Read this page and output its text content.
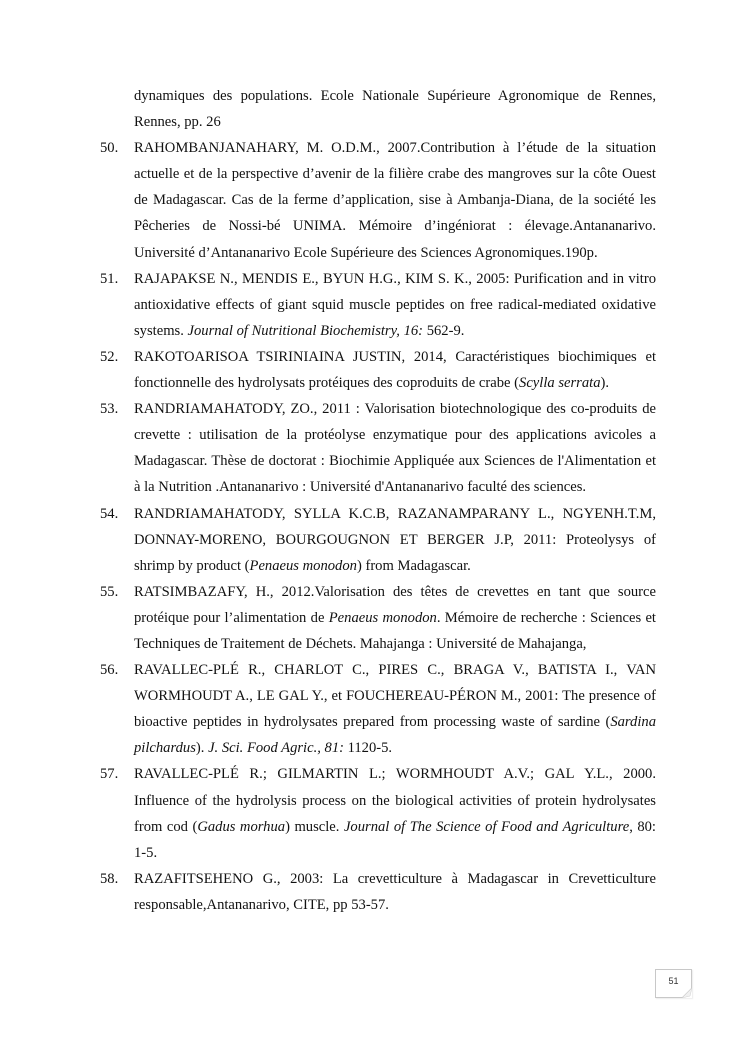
dynamiques des populations. Ecole Nationale Supérieure Agronomique de Rennes, Rennes, pp. 26
50. RAHOMBANJANAHARY, M. O.D.M., 2007.Contribution à l’étude de la situation actuelle et de la perspective d’avenir de la filière crabe des mangroves sur la côte Ouest de Madagascar. Cas de la ferme d’application, sise à Ambanja-Diana, de la société les Pêcheries de Nossi-bé UNIMA. Mémoire d’ingéniorat : élevage.Antananarivo. Université d’Antananarivo Ecole Supérieure des Sciences Agronomiques.190p.
51. RAJAPAKSE N., MENDIS E., BYUN H.G., KIM S. K., 2005: Purification and in vitro antioxidative effects of giant squid muscle peptides on free radical-mediated oxidative systems. Journal of Nutritional Biochemistry, 16: 562-9.
52. RAKOTOARISOA TSIRINIAINA JUSTIN, 2014, Caractéristiques biochimiques et fonctionnelle des hydrolysats protéiques des coproduits de crabe (Scylla serrata).
53. RANDRIAMAHATODY, ZO., 2011 : Valorisation biotechnologique des co-produits de crevette : utilisation de la protéolyse enzymatique pour des applications avicoles a Madagascar. Thèse de doctorat : Biochimie Appliquée aux Sciences de l'Alimentation et à la Nutrition .Antananarivo : Université d'Antananarivo faculté des sciences.
54. RANDRIAMAHATODY, SYLLA K.C.B, RAZANAMPARANY L., NGYENH.T.M, DONNAY-MORENO, BOURGOUGNON ET BERGER J.P, 2011: Proteolysys of shrimp by product (Penaeus monodon) from Madagascar.
55. RATSIMBAZAFY, H., 2012.Valorisation des têtes de crevettes en tant que source protéique pour l’alimentation de Penaeus monodon. Mémoire de recherche : Sciences et Techniques de Traitement de Déchets. Mahajanga : Université de Mahajanga,
56. RAVALLEC-PLÉ R., CHARLOT C., PIRES C., BRAGA V., BATISTA I., VAN WORMHOUDT A., LE GAL Y., et FOUCHEREAU-PÉRON M., 2001: The presence of bioactive peptides in hydrolysates prepared from processing waste of sardine (Sardina pilchardus). J. Sci. Food Agric., 81: 1120-5.
57. RAVALLEC-PLÉ R.; GILMARTIN L.; WORMHOUDT A.V.; GAL Y.L., 2000. Influence of the hydrolysis process on the biological activities of protein hydrolysates from cod (Gadus morhua) muscle. Journal of The Science of Food and Agriculture, 80: 1-5.
58. RAZAFITSEHENO G., 2003: La crevetticulture à Madagascar in Crevetticulture responsable,Antananarivo, CITE, pp 53-57.
51
